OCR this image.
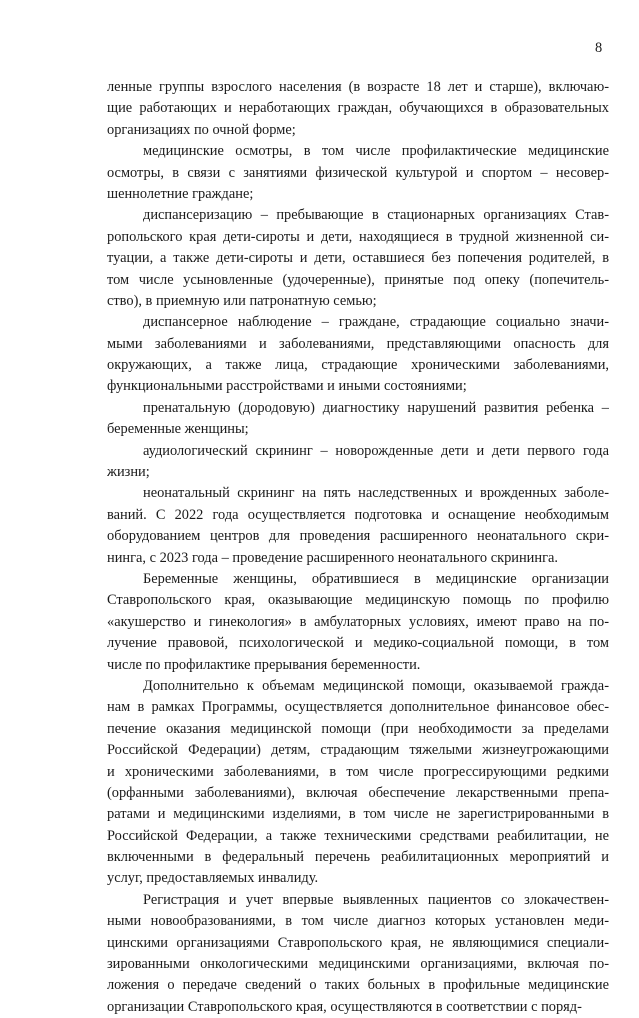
8
ленные группы взрослого населения (в возрасте 18 лет и старше), включаю-
щие работающих и неработающих граждан, обучающихся в образовательных
организациях по очной форме;
медицинские осмотры, в том числе профилактические медицинские
осмотры, в связи с занятиями физической культурой и спортом – несовер-
шеннолетние граждане;
диспансеризацию – пребывающие в стационарных организациях Став-
ропольского края дети-сироты и дети, находящиеся в трудной жизненной си-
туации, а также дети-сироты и дети, оставшиеся без попечения родителей, в
том числе усыновленные (удочеренные), принятые под опеку (попечитель-
ство), в приемную или патронатную семью;
диспансерное наблюдение – граждане, страдающие социально значи-
мыми заболеваниями и заболеваниями, представляющими опасность для
окружающих, а также лица, страдающие хроническими заболеваниями,
функциональными расстройствами и иными состояниями;
пренатальную (дородовую) диагностику нарушений развития ребенка –
беременные женщины;
аудиологический скрининг – новорожденные дети и дети первого года
жизни;
неонатальный скрининг на пять наследственных и врожденных заболе-
ваний. С 2022 года осуществляется подготовка и оснащение необходимым
оборудованием центров для проведения расширенного неонатального скри-
нинга, с 2023 года – проведение расширенного неонатального скрининга.
Беременные женщины, обратившиеся в медицинские организации
Ставропольского края, оказывающие медицинскую помощь по профилю
«акушерство и гинекология» в амбулаторных условиях, имеют право на по-
лучение правовой, психологической и медико-социальной помощи, в том
числе по профилактике прерывания беременности.
Дополнительно к объемам медицинской помощи, оказываемой гражда-
нам в рамках Программы, осуществляется дополнительное финансовое обес-
печение оказания медицинской помощи (при необходимости за пределами
Российской Федерации) детям, страдающим тяжелыми жизнеугрожающими
и хроническими заболеваниями, в том числе прогрессирующими редкими
(орфанными заболеваниями), включая обеспечение лекарственными препа-
ратами и медицинскими изделиями, в том числе не зарегистрированными в
Российской Федерации, а также техническими средствами реабилитации, не
включенными в федеральный перечень реабилитационных мероприятий и
услуг, предоставляемых инвалиду.
Регистрация и учет впервые выявленных пациентов со злокачествен-
ными новообразованиями, в том числе диагноз которых установлен меди-
цинскими организациями Ставропольского края, не являющимися специали-
зированными онкологическими медицинскими организациями, включая по-
ложения о передаче сведений о таких больных в профильные медицинские
организации Ставропольского края, осуществляются в соответствии с поряд-
